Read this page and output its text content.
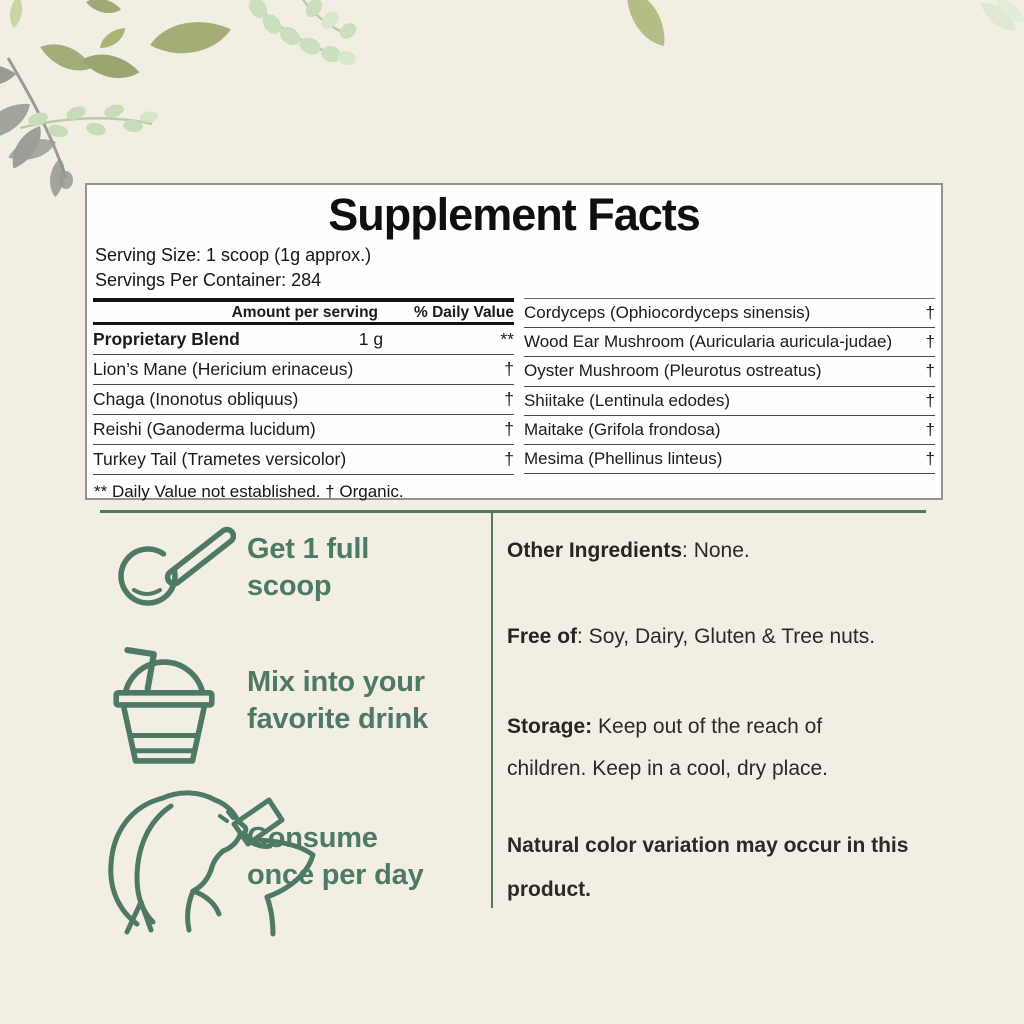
Supplement Facts
Serving Size: 1 scoop (1g approx.)
Servings Per Container: 284
Amount per serving % Daily Value
Proprietary Blend	1 g	**
Lion’s Mane (Hericium erinaceus)	†
Chaga (Inonotus obliquus)	†
Reishi (Ganoderma lucidum)	†
Turkey Tail (Trametes versicolor)	†
** Daily Value not established. † Organic.
Cordyceps (Ophiocordyceps sinensis)	†
Wood Ear Mushroom (Auricularia auricula-judae)	†
Oyster Mushroom (Pleurotus ostreatus)	†
Shiitake (Lentinula edodes)	†
Maitake (Grifola frondosa)	†
Mesima (Phellinus linteus)	†
Get 1 full
scoop
Mix into your
favorite drink
Consume
once per day
Other Ingredients: None.
Free of: Soy, Dairy, Gluten & Tree nuts.
Storage: Keep out of the reach of
children. Keep in a cool, dry place.
Natural color variation may occur in this
product.
